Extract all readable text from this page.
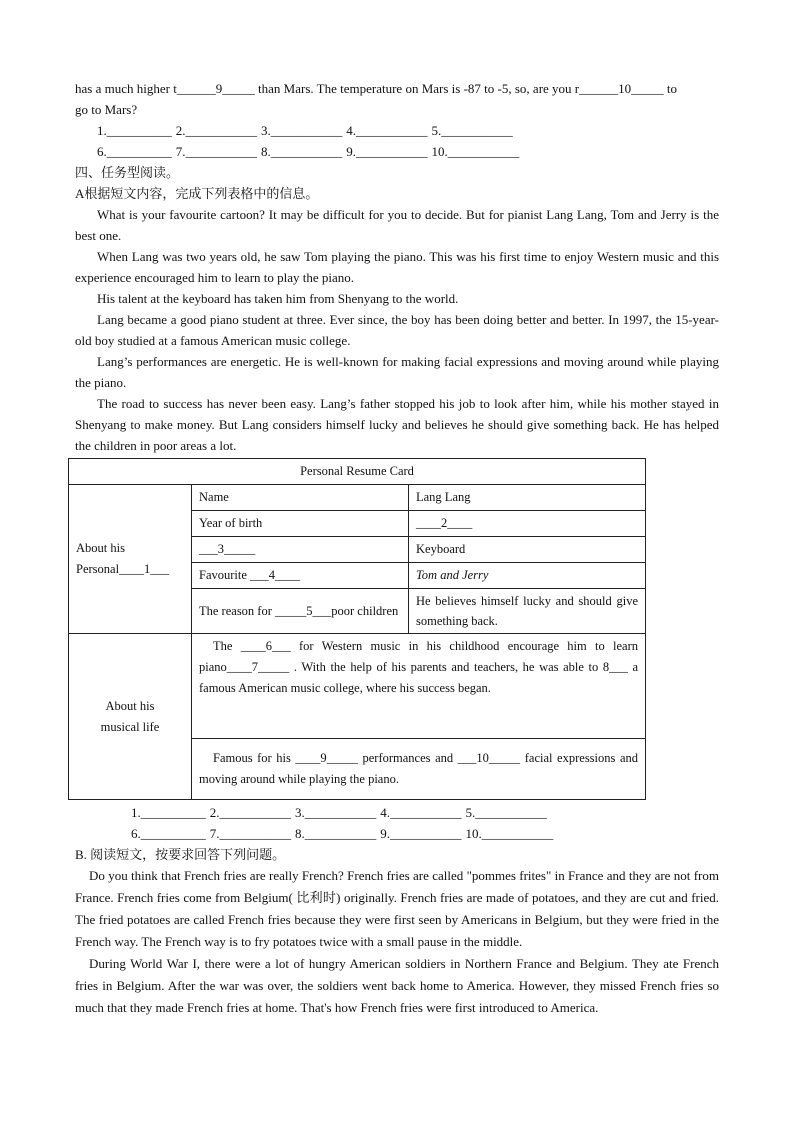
has a much higher t______9_____ than Mars. The temperature on Mars is -87 to -5, so, are you r______10_____ to

go to Mars?

1.__________ 2.___________ 3.___________ 4.___________ 5.___________
6.__________ 7.___________ 8.___________ 9.___________ 10.___________

四、任务型阅读。

A根据短文内容，完成下列表格中的信息。

What is your favourite cartoon? It may be difficult for you to decide. But for pianist Lang Lang, Tom and Jerry is the best one.

When Lang was two years old, he saw Tom playing the piano. This was his first time to enjoy Western music and this experience encouraged him to learn to play the piano.

His talent at the keyboard has taken him from Shenyang to the world.

Lang became a good piano student at three. Ever since, the boy has been doing better and better. In 1997, the 15-year-old boy studied at a famous American music college.

Lang’s performances are energetic. He is well-known for making facial expressions and moving around while playing the piano.

The road to success has never been easy. Lang’s father stopped his job to look after him, while his mother stayed in Shenyang to make money. But Lang considers himself lucky and believes he should give something back. He has helped the children in poor areas a lot.

Personal Resume Card		
About his Personal____1___	Name	Lang Lang
	Year of birth	____2____
	___3_____	Keyboard
	Favourite ___4____	Tom and Jerry
	The reason for _____5___poor children	He believes himself lucky and should give something back.
About his musical life	The ____6___ for Western music in his childhood encourage him to learn piano____7_____ . With the help of his parents and teachers, he was able to 8___ a famous American music college, where his success began.	
	Famous for his ____9_____ performances and ___10_____ facial expressions and moving around while playing the piano.	
1.__________ 2.___________ 3.___________ 4.___________ 5.___________
6.__________ 7.___________ 8.___________ 9.___________ 10.___________

B. 阅读短文，按要求回答下列问题。

Do you think that French fries are really French? French fries are called "pommes frites" in France and they are not from France. French fries come from Belgium( 比利时) originally. French fries are made of potatoes, and they are cut and fried. The fried potatoes are called French fries because they were first seen by Americans in Belgium, but they were fried in the French way. The French way is to fry potatoes twice with a small pause in the middle.

During World War I, there were a lot of hungry American soldiers in Northern France and Belgium. They ate French fries in Belgium. After the war was over, the soldiers went back home to America. However, they missed French fries so much that they made French fries at home. That's how French fries were first introduced to America.
